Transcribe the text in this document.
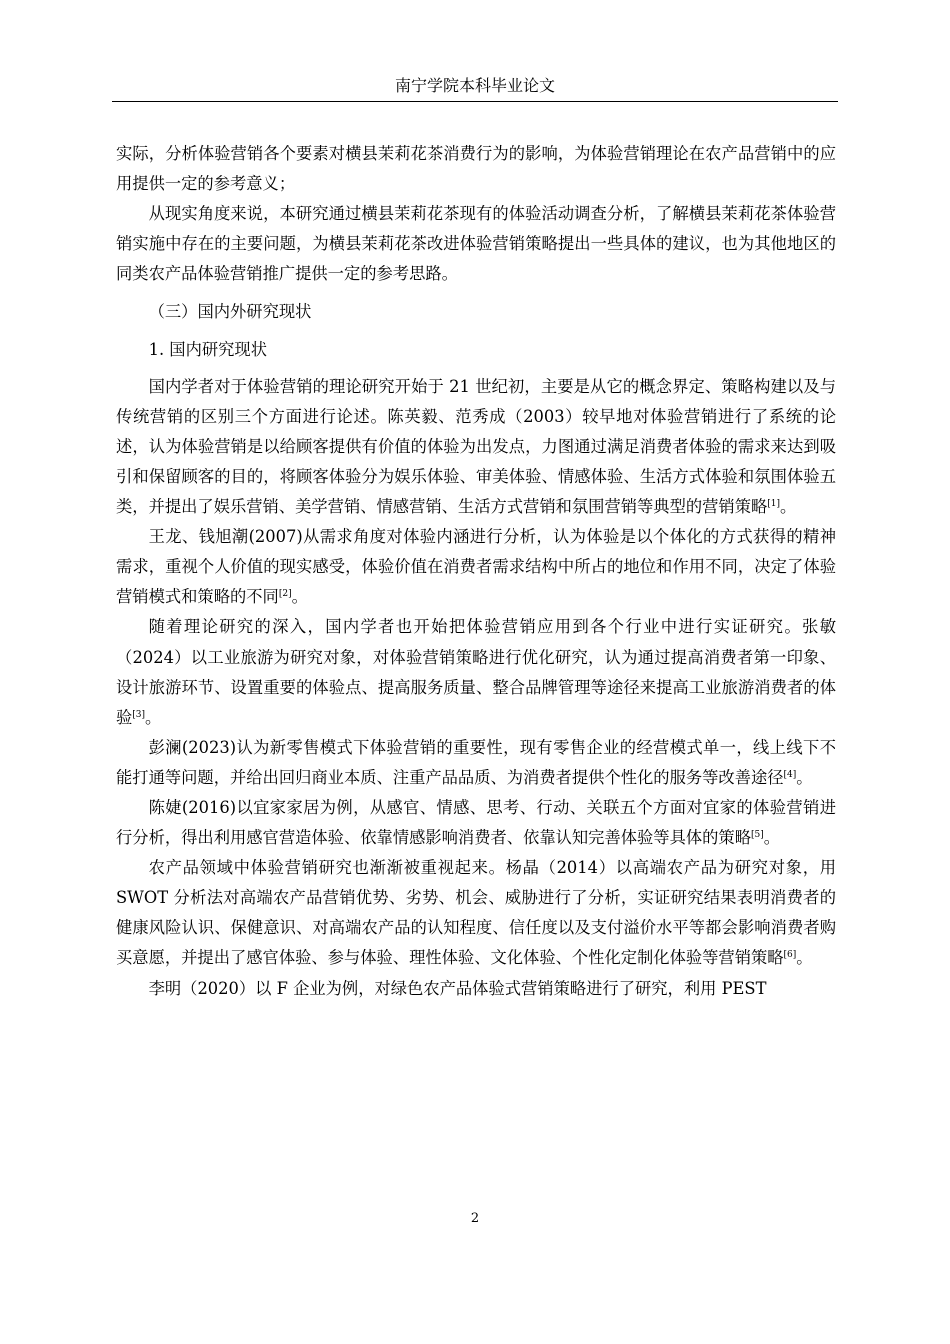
南宁学院本科毕业论文

实际，分析体验营销各个要素对横县茉莉花茶消费行为的影响，为体验营销理论在农产品营销中的应用提供一定的参考意义；

从现实角度来说，本研究通过横县茉莉花茶现有的体验活动调查分析，了解横县茉莉花茶体验营销实施中存在的主要问题，为横县茉莉花茶改进体验营销策略提出一些具体的建议，也为其他地区的同类农产品体验营销推广提供一定的参考思路。

（三）国内外研究现状

1. 国内研究现状

国内学者对于体验营销的理论研究开始于 21 世纪初，主要是从它的概念界定、策略构建以及与传统营销的区别三个方面进行论述。陈英毅、范秀成（2003）较早地对体验营销进行了系统的论述，认为体验营销是以给顾客提供有价值的体验为出发点，力图通过满足消费者体验的需求来达到吸引和保留顾客的目的，将顾客体验分为娱乐体验、审美体验、情感体验、生活方式体验和氛围体验五类，并提出了娱乐营销、美学营销、情感营销、生活方式营销和氛围营销等典型的营销策略[1]。

王龙、钱旭潮(2007)从需求角度对体验内涵进行分析，认为体验是以个体化的方式获得的精神需求，重视个人价值的现实感受，体验价值在消费者需求结构中所占的地位和作用不同，决定了体验营销模式和策略的不同[2]。

随着理论研究的深入，国内学者也开始把体验营销应用到各个行业中进行实证研究。张敏（2024）以工业旅游为研究对象，对体验营销策略进行优化研究，认为通过提高消费者第一印象、设计旅游环节、设置重要的体验点、提高服务质量、整合品牌管理等途径来提高工业旅游消费者的体验[3]。

彭澜(2023)认为新零售模式下体验营销的重要性，现有零售企业的经营模式单一，线上线下不能打通等问题，并给出回归商业本质、注重产品品质、为消费者提供个性化的服务等改善途径[4]。

陈婕(2016)以宜家家居为例，从感官、情感、思考、行动、关联五个方面对宜家的体验营销进行分析，得出利用感官营造体验、依靠情感影响消费者、依靠认知完善体验等具体的策略[5]。

农产品领域中体验营销研究也渐渐被重视起来。杨晶（2014）以高端农产品为研究对象，用 SWOT 分析法对高端农产品营销优势、劣势、机会、威胁进行了分析，实证研究结果表明消费者的健康风险认识、保健意识、对高端农产品的认知程度、信任度以及支付溢价水平等都会影响消费者购买意愿，并提出了感官体验、参与体验、理性体验、文化体验、个性化定制化体验等营销策略[6]。

李明（2020）以 F 企业为例，对绿色农产品体验式营销策略进行了研究，利用 PEST

2
